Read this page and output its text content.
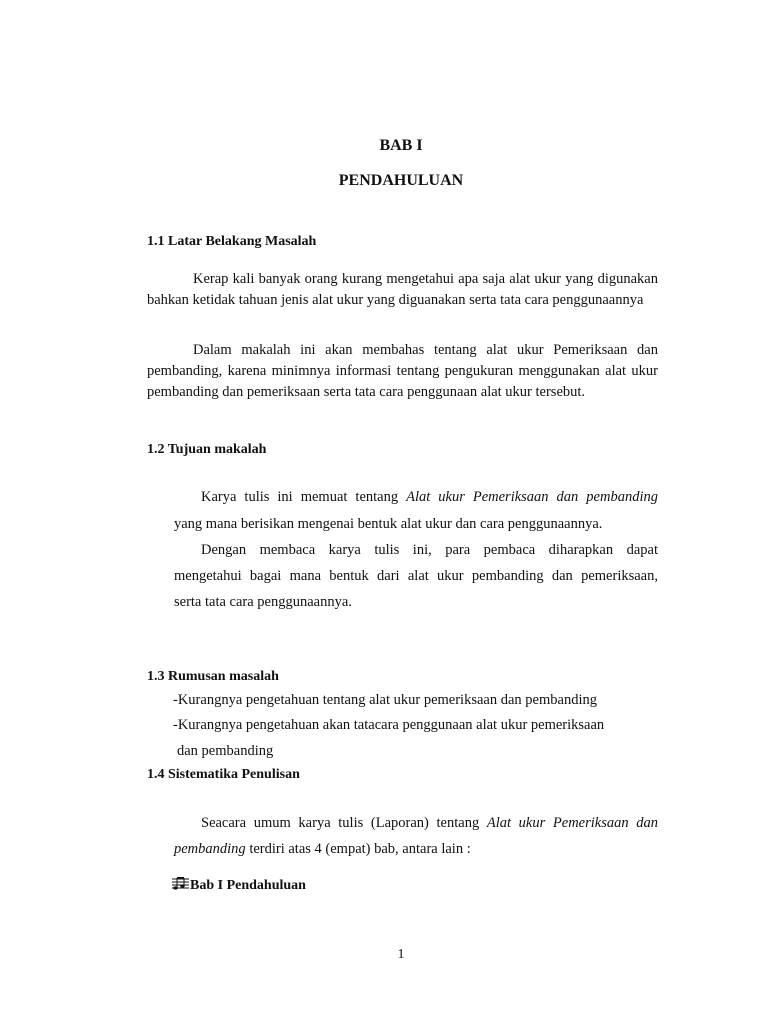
BAB I
PENDAHULUAN
1.1 Latar Belakang Masalah
Kerap kali banyak orang kurang mengetahui apa saja alat ukur yang digunakan bahkan ketidak tahuan jenis alat ukur yang diguanakan serta tata cara penggunaannya
Dalam makalah ini akan membahas tentang alat ukur Pemeriksaan dan pembanding, karena minimnya informasi tentang pengukuran menggunakan alat ukur pembanding dan pemeriksaan serta tata cara penggunaan alat ukur tersebut.
1.2 Tujuan makalah
Karya tulis ini memuat tentang Alat ukur Pemeriksaan dan pembanding
yang mana berisikan mengenai bentuk alat ukur dan cara penggunaannya.
Dengan membaca karya tulis ini, para pembaca diharapkan dapat
mengetahui bagai mana bentuk dari alat ukur pembanding dan pemeriksaan,
serta tata cara penggunaannya.
1.3 Rumusan masalah
-Kurangnya pengetahuan tentang alat ukur pemeriksaan dan pembanding
-Kurangnya pengetahuan akan tatacara penggunaan alat ukur pemeriksaan
dan pembanding
1.4 Sistematika Penulisan
Seacara umum karya tulis (Laporan) tentang Alat ukur Pemeriksaan dan
pembanding terdiri atas 4 (empat) bab, antara lain :
Bab I Pendahuluan
1
